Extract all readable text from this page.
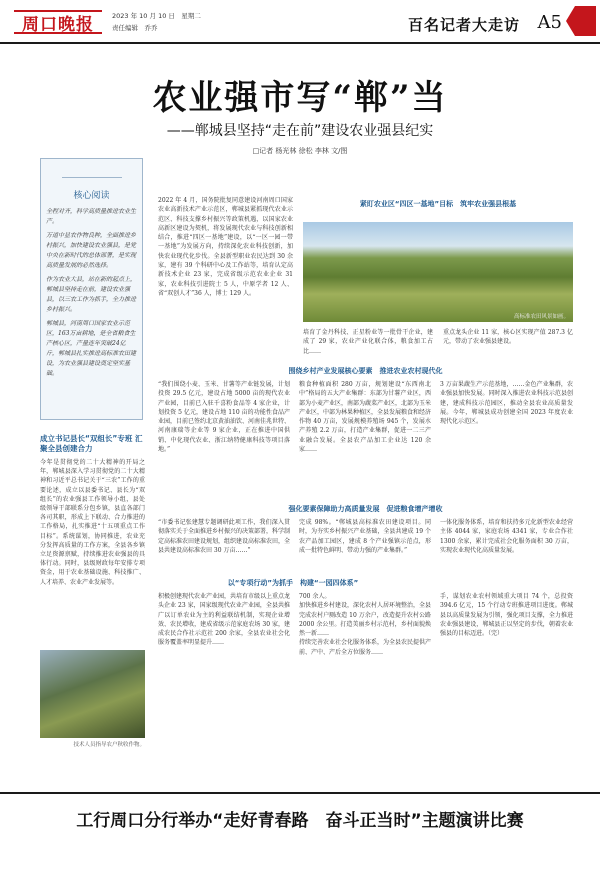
周口晚报	2023 年 10 月 10 日　星期二
责任编辑　乔乔	百名记者大走访 A5
农业强市写“郸”当
——郸城县坚持“走在前”建设农业强县纪实
□记者 杨光林 徐松 李林 文/图
核心阅读

全程对齐，科学高质量推进农业生产。

万道中显农作物良种，全面推进乡村振兴，加快建设农业强县，是党中央在新时代的总体部署，是实现高质量发展的必然选择。

作为农业大县，站在新的起点上，郸城县坚持走在前，建设农业强县，以三农工作为抓手，全力推进乡村振兴。

郸城县，河南周口国家农业示范区，163万亩耕地，是全省粮食生产核心区，产量连年突破24亿斤，郸城县扎实推进高标准农田建设，为农业强县建设奠定坚实基础。

成立书记县长“双组长”专班 汇聚全县创建合力
今年是贯彻党的二十大精神的开局之年，郸城县深入学习贯彻党的二十大精神和习近平总书记关于“三农”工作的重要论述，成立以县委书记、县长为“双组长”的农业强县工作领导小组，县处级领导干部联系分包乡镇，县直各部门各司其职，形成上下联动、合力推进的工作格局，扎实推进“十五项重点工作目标”。系统谋划，协同推进，农业充分发挥高质量的工作方案，全县各乡镇立足资源禀赋，持续推进农业强县的具体行动。同时，县级财政每年安排专项资金，用于农业基础设施、科技推广、人才培养、农业产业发展等。
技术人员指导农户秋收作物。
紧盯农业区“四区一基地”目标　筑牢农业强县根基
高标准农田风景如画。
2022 年 4 月，国务院批复同意建设河南周口国家农业高新技术产业示范区，郸城县紧抓现代农业示范区、科技支撑乡村振兴等政策机遇，以国家农业高新区建设为契机，将发展现代农业与科技创新相结合，推进“四区一基地”建设，以“一区一园一带一基地”为发展方向，持续深化农业科技创新，加快农业现代化步伐。全县新型职业农民达到 30 余家，建有 39 个科研中心及工作站等，培育认定高新技术企业 23 家，完成省级示范农业企业 31 家，农业科技引进院士 5 人，中原学者 12 人、省“双创人才”36 人，博士 129 人。
培育了金丹科技、正星粉业等一批骨干企业，建成了 29 家，农业产业化联合体，粮食加工占比……
重点龙头企业 11 家，核心区实现产值 287.3 亿元，带动了农业强县建设。
围绕乡村产业发展核心要素　推进农业农村现代化
“我们围绕小麦、玉米、甘薯等产业链发展，计划投资 29.5 亿元，建设占地 5000 亩的现代农业产业园，目前已入驻千喜粉食品等 4 家企业，计划投资 5 亿元，建设占地 110 亩的功能性食品产业园，目前已签约北京黄油油饮、河南佳兆世特、河南康瑞等企业等 9 家企业，正在推进中国供销、中化现代农业、浙江纳特健康科技等项目落地。”
粮食种植面积 280 万亩，规划建设“东西南北中”格局的五大产业集群：东部为甘薯产业区，西部为小麦产业区，南部为蔬菜产业区，北部为玉米产业区，中部为林果种植区，全县发展粮食和经济作物 40 万亩，发展规模养殖场 945 个，发展水产养殖 2.2 万亩，打造产业集群，促进一二三产业融合发展。全县农产品加工企业达 120 余家……
3 万亩果蔬生产示范基地，……金色产业集群，农业强县加快发展。同时深入推进农业科技示范县创建，建成科技示范园区，推动全县农业高质量发展。今年，郸城县成功创建全国 2023 年度农业现代化示范区。
强化要素保障助力高质量发展　促进粮食增产增收
“市委书记张建慧专题调研此项工作，我们深入贯彻落实关于全面推进乡村振兴的决策部署，科学制定高标准农田建设规划，组织建设高标准农田，全县共建设高标准农田 30 万亩……”
完成 98%。“郸城县高标准农田建设项目。同时，为夯实乡村振兴产业基础，全县共建成 19 个农产品加工园区，建成 8 个产业强镇示范点，形成一批特色鲜明、带动力强的产业集群。”
一体化服务体系，培育和扶持多元化新型农业经营主体 4044 家，家庭农场 4341 家，专业合作社 1300 余家，累计完成社会化服务面积 30 万亩，实现农业现代化高质量发展。
以“专项行动”为抓手　构建“一园四体系”
积极创建现代农业产业园，共培育市级以上重点龙头企业 23 家，国家级现代农业产业园，全县共推广以订单农业为主的利益联结机制，实现企业增效、农民增收，建成省级示范家庭农场 30 家，建成农民合作社示范社 200 余家，全县农业社会化服务覆盖率明显提升……
700 余人。
加快推进乡村建设，深化农村人居环境整治，全县完成农村户厕改造 10 万余户，改造提升农村公路 2000 余公里。打造美丽乡村示范村，乡村面貌焕然一新……
持续完善农业社会化服务体系，为全县农民提供产前、产中、产后全方位服务……
手，谋划农业农村领域重大项目 74 个，总投资 394.6 亿元，15 个行动专班推进项目进度。郸城县以高质量发展为引领，强化项目支撑，全力推进农业强县建设，郸城县正以坚定的步伐，朝着农业强县的目标迈进。（完）
工行周口分行举办“走好青春路　奋斗正当时”主题演讲比赛
